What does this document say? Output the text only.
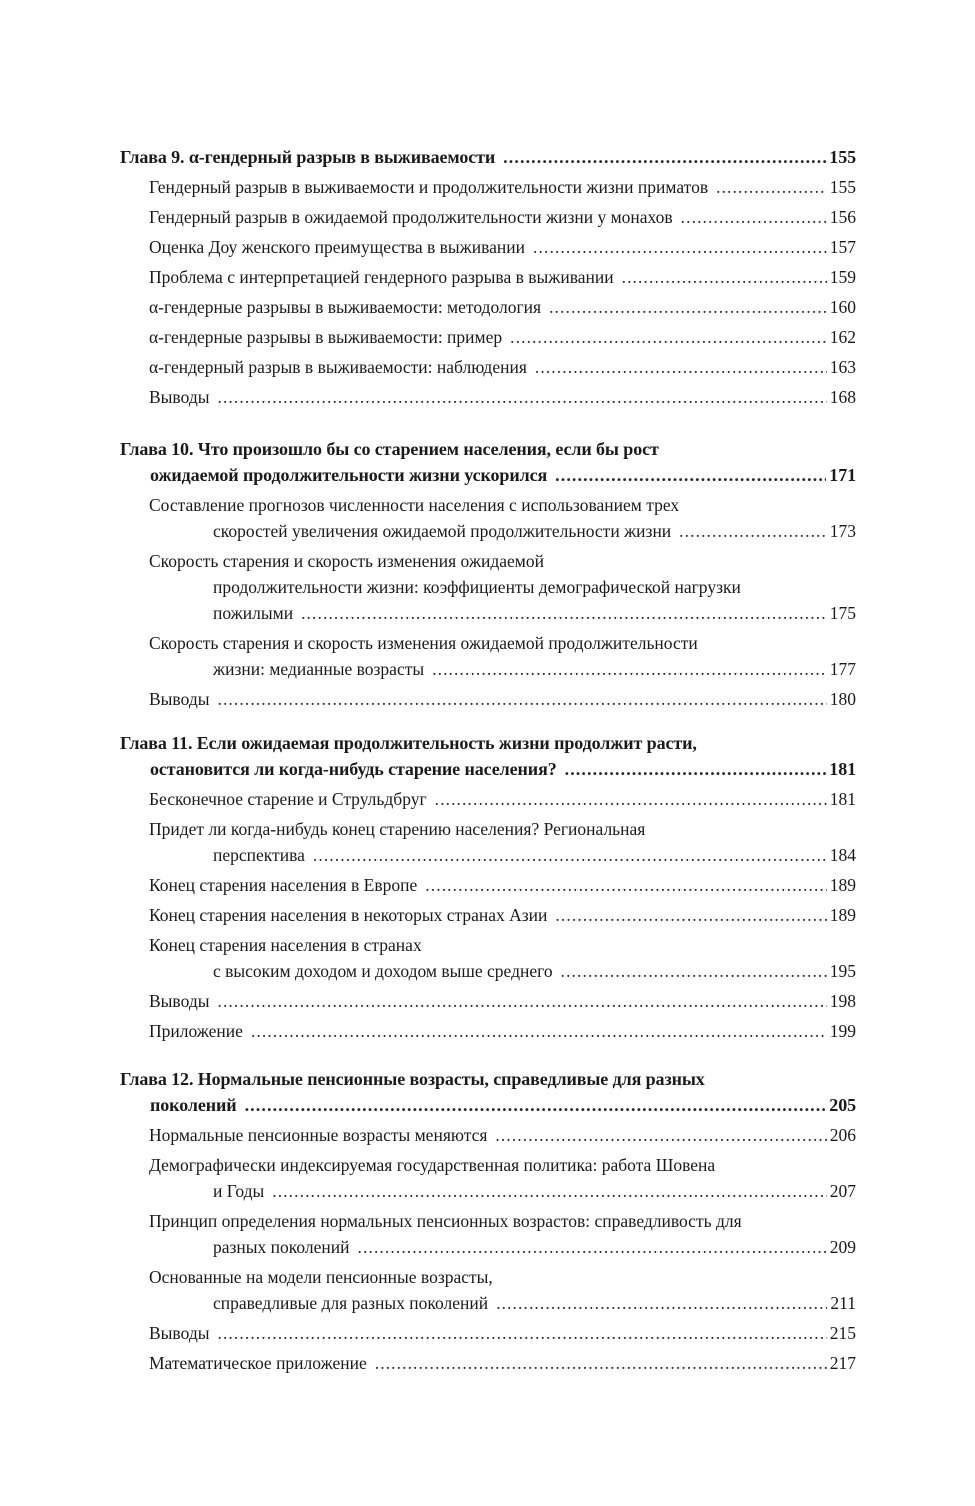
Глава 9. α-гендерный разрыв в выживаемости .....	155
Гендерный разрыв в выживаемости и продолжительности жизни приматов .....	155
Гендерный разрыв в ожидаемой продолжительности жизни у монахов .....	156
Оценка Доу женского преимущества в выживании .....	157
Проблема с интерпретацией гендерного разрыва в выживании .....	159
α-гендерные разрывы в выживаемости: методология .....	160
α-гендерные разрывы в выживаемости: пример .....	162
α-гендерный разрыв в выживаемости: наблюдения .....	163
Выводы .....	168
Глава 10. Что произошло бы со старением населения, если бы рост
ожидаемой продолжительности жизни ускорился .....	171
Составление прогнозов численности населения с использованием трех
скоростей увеличения ожидаемой продолжительности жизни .....	173
Скорость старения и скорость изменения ожидаемой
продолжительности жизни: коэффициенты демографической нагрузки
пожилыми .....	175
Скорость старения и скорость изменения ожидаемой продолжительности
жизни: медианные возрасты .....	177
Выводы .....	180
Глава 11. Если ожидаемая продолжительность жизни продолжит расти,
остановится ли когда-нибудь старение населения? .....	181
Бесконечное старение и Струльдбруг .....	181
Придет ли когда-нибудь конец старению населения? Региональная
перспектива .....	184
Конец старения населения в Европе .....	189
Конец старения населения в некоторых странах Азии .....	189
Конец старения населения в странах
с высоким доходом и доходом выше среднего .....	195
Выводы .....	198
Приложение .....	199
Глава 12. Нормальные пенсионные возрасты, справедливые для разных
поколений .....	205
Нормальные пенсионные возрасты меняются .....	206
Демографически индексируемая государственная политика: работа Шовена
и Годы .....	207
Принцип определения нормальных пенсионных возрастов: справедливость для
разных поколений .....	209
Основанные на модели пенсионные возрасты,
справедливые для разных поколений .....	211
Выводы .....	215
Математическое приложение .....	217
